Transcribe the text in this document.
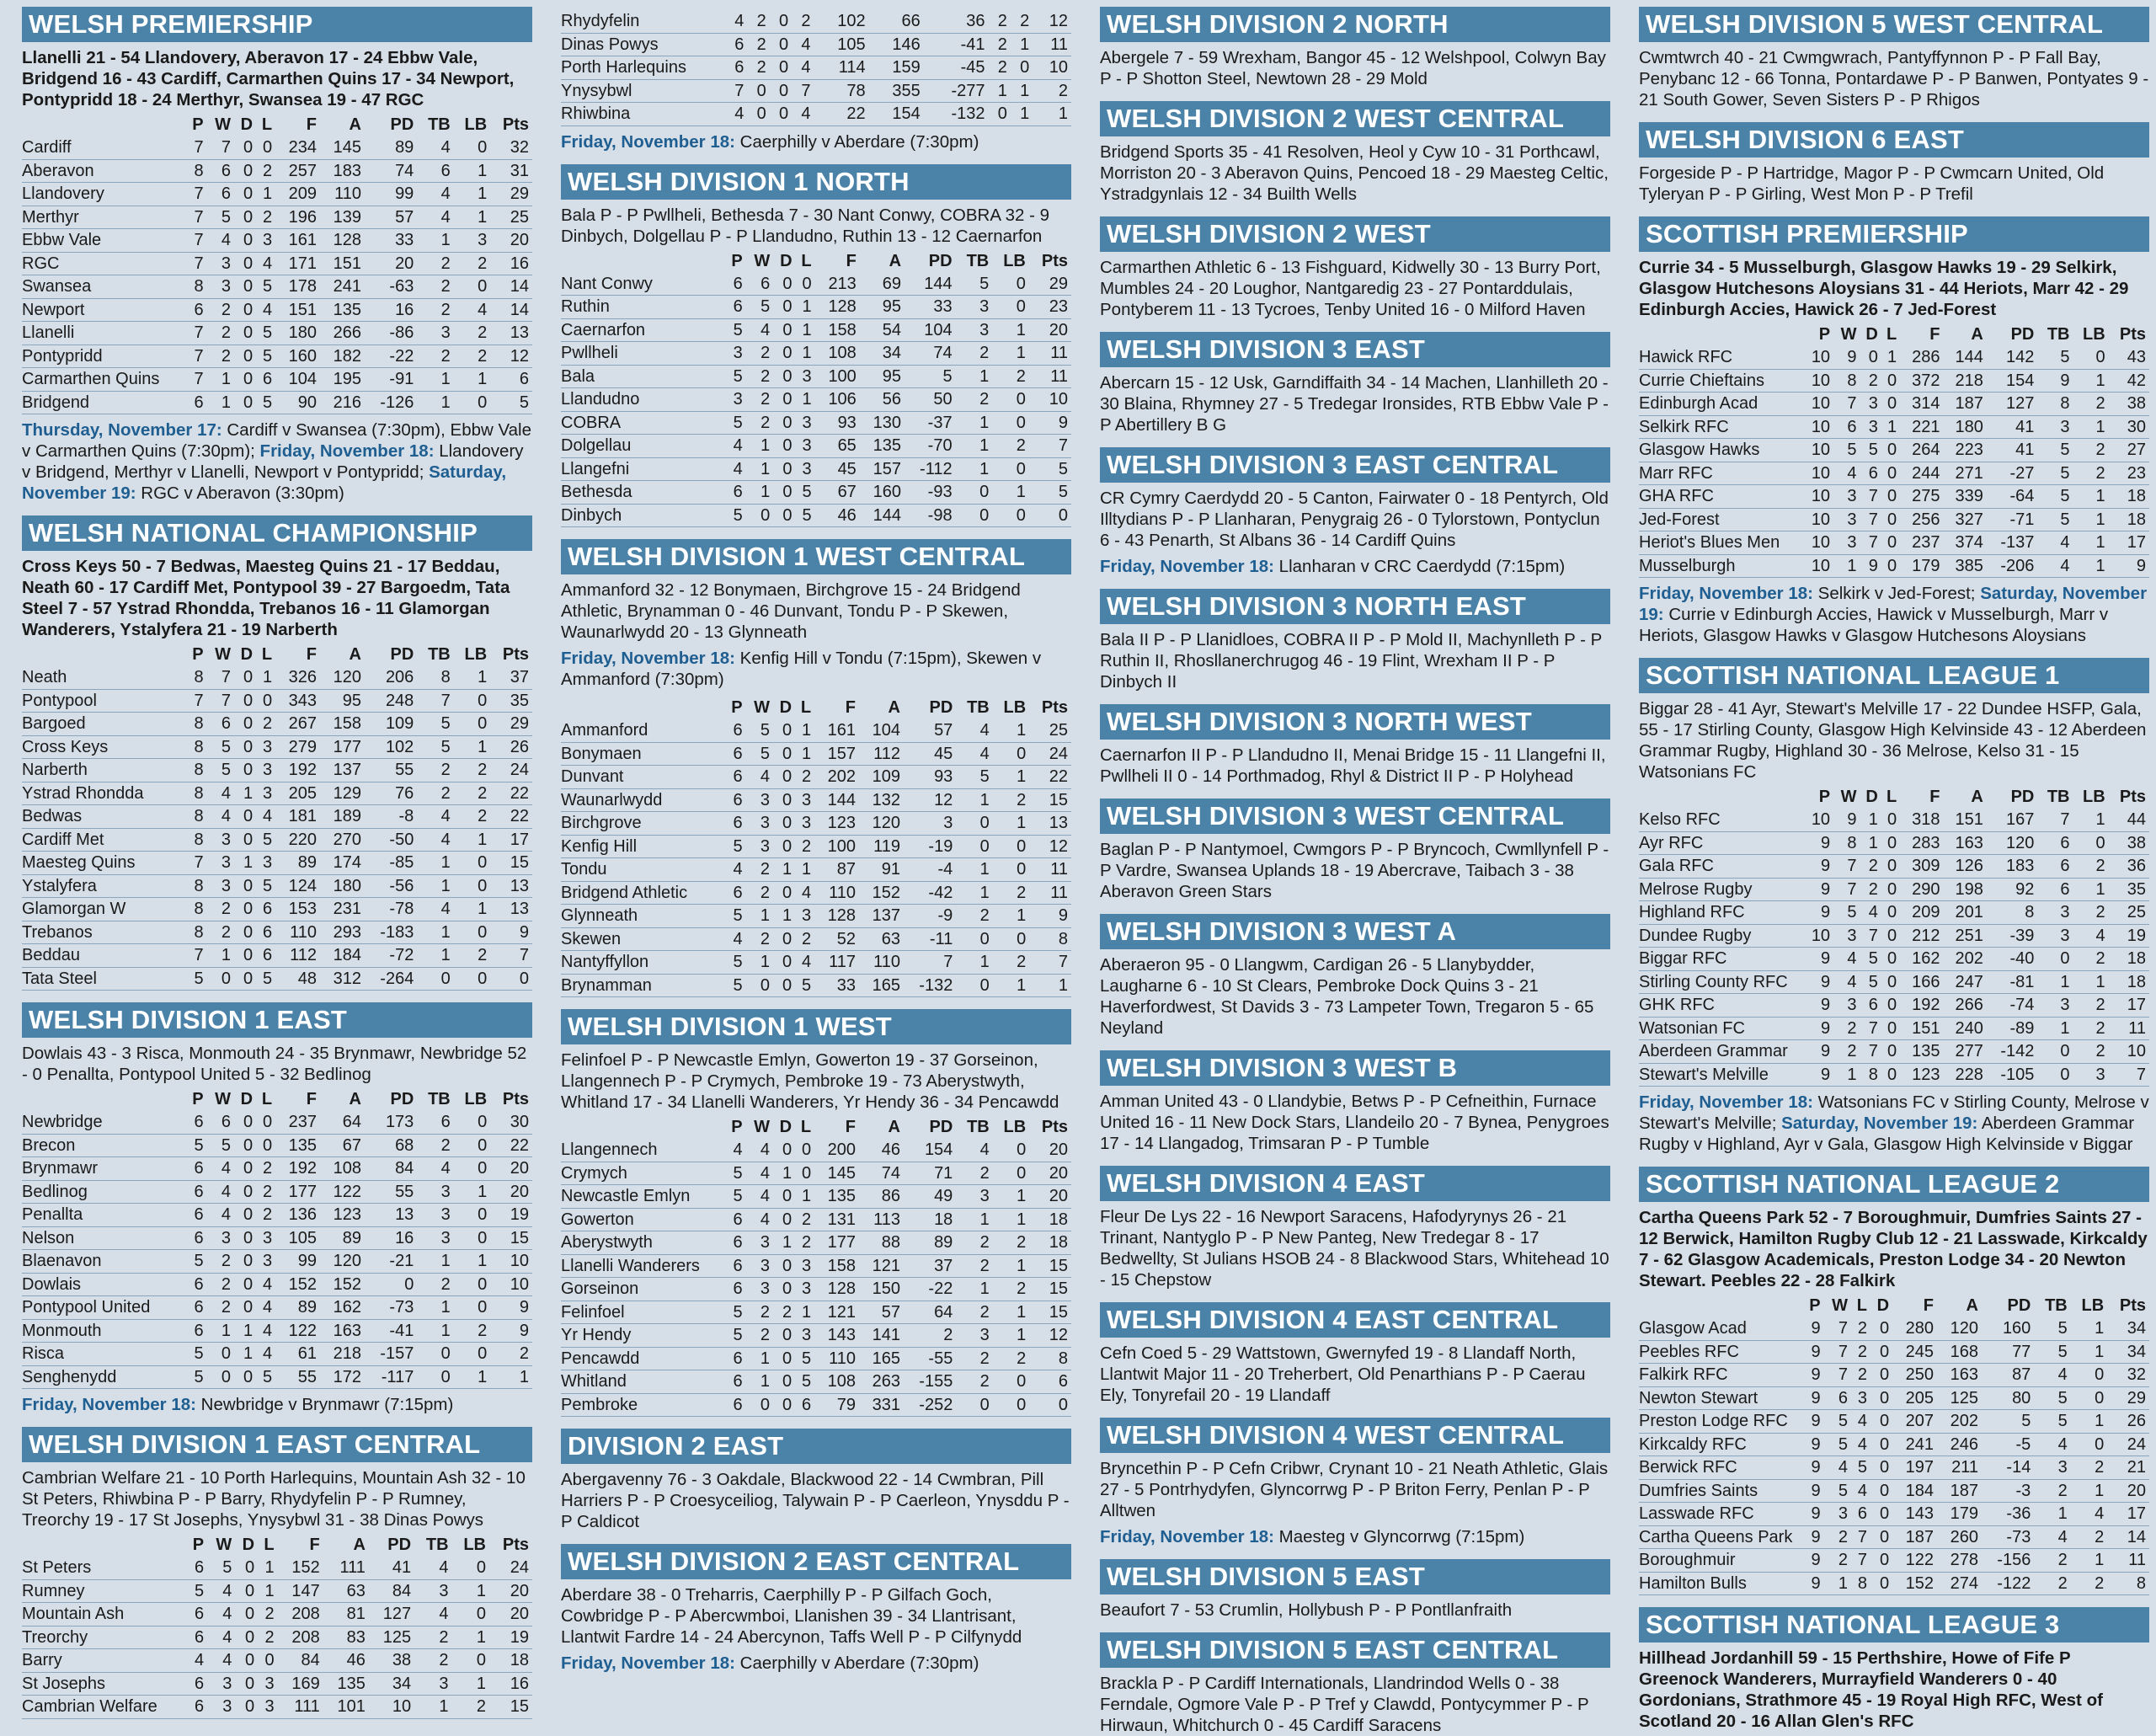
WELSH PREMIERSHIP
Llanelli 21 - 54 Llandovery, Aberavon 17 - 24 Ebbw Vale, Bridgend 16 - 43 Cardiff, Carmarthen Quins 17 - 34 Newport, Pontypridd 18 - 24 Merthyr, Swansea 19 - 47 RGC
	P	W	D	L	F	A	PD	TB	LB	Pts
Cardiff	7	7	0	0	234	145	89	4	0	32
Aberavon	8	6	0	2	257	183	74	6	1	31
Llandovery	7	6	0	1	209	110	99	4	1	29
Merthyr	7	5	0	2	196	139	57	4	1	25
Ebbw Vale	7	4	0	3	161	128	33	1	3	20
RGC	7	3	0	4	171	151	20	2	2	16
Swansea	8	3	0	5	178	241	-63	2	0	14
Newport	6	2	0	4	151	135	16	2	4	14
Llanelli	7	2	0	5	180	266	-86	3	2	13
Pontypridd	7	2	0	5	160	182	-22	2	2	12
Carmarthen Quins	7	1	0	6	104	195	-91	1	1	6
Bridgend	6	1	0	5	90	216	-126	1	0	5
Thursday, November 17: Cardiff v Swansea (7:30pm), Ebbw Vale v Carmarthen Quins (7:30pm); Friday, November 18: Llandovery v Bridgend, Merthyr v Llanelli, Newport v Pontypridd; Saturday, November 19: RGC v Aberavon (3:30pm)
WELSH NATIONAL CHAMPIONSHIP
Cross Keys 50 - 7 Bedwas, Maesteg Quins 21 - 17 Beddau, Neath 60 - 17 Cardiff Met, Pontypool 39 - 27 Bargoedm, Tata Steel 7 - 57 Ystrad Rhondda, Trebanos 16 - 11 Glamorgan Wanderers, Ystalyfera 21 - 19 Narberth
	P	W	D	L	F	A	PD	TB	LB	Pts
Neath	8	7	0	1	326	120	206	8	1	37
Pontypool	7	7	0	0	343	95	248	7	0	35
Bargoed	8	6	0	2	267	158	109	5	0	29
Cross Keys	8	5	0	3	279	177	102	5	1	26
Narberth	8	5	0	3	192	137	55	2	2	24
Ystrad Rhondda	8	4	1	3	205	129	76	2	2	22
Bedwas	8	4	0	4	181	189	-8	4	2	22
Cardiff Met	8	3	0	5	220	270	-50	4	1	17
Maesteg Quins	7	3	1	3	89	174	-85	1	0	15
Ystalyfera	8	3	0	5	124	180	-56	1	0	13
Glamorgan W	8	2	0	6	153	231	-78	4	1	13
Trebanos	8	2	0	6	110	293	-183	1	0	9
Beddau	7	1	0	6	112	184	-72	1	2	7
Tata Steel	5	0	0	5	48	312	-264	0	0	0
WELSH DIVISION 1 EAST
Dowlais 43 - 3 Risca, Monmouth 24 - 35 Brynmawr, Newbridge 52 - 0 Penallta, Pontypool United 5 - 32 Bedlinog
	P	W	D	L	F	A	PD	TB	LB	Pts
Newbridge	6	6	0	0	237	64	173	6	0	30
Brecon	5	5	0	0	135	67	68	2	0	22
Brynmawr	6	4	0	2	192	108	84	4	0	20
Bedlinog	6	4	0	2	177	122	55	3	1	20
Penallta	6	4	0	2	136	123	13	3	0	19
Nelson	6	3	0	3	105	89	16	3	0	15
Blaenavon	5	2	0	3	99	120	-21	1	1	10
Dowlais	6	2	0	4	152	152	0	2	0	10
Pontypool United	6	2	0	4	89	162	-73	1	0	9
Monmouth	6	1	1	4	122	163	-41	1	2	9
Risca	5	0	1	4	61	218	-157	0	0	2
Senghenydd	5	0	0	5	55	172	-117	0	1	1
Friday, November 18: Newbridge v Brynmawr (7:15pm)
WELSH DIVISION 1 EAST CENTRAL
Cambrian Welfare 21 - 10 Porth Harlequins, Mountain Ash 32 - 10 St Peters, Rhiwbina P - P Barry, Rhydyfelin P - P Rumney, Treorchy 19 - 17 St Josephs, Ynysybwl 31 - 38 Dinas Powys
	P	W	D	L	F	A	PD	TB	LB	Pts
St Peters	6	5	0	1	152	111	41	4	0	24
Rumney	5	4	0	1	147	63	84	3	1	20
Mountain Ash	6	4	0	2	208	81	127	4	0	20
Treorchy	6	4	0	2	208	83	125	2	1	19
Barry	4	4	0	0	84	46	38	2	0	18
St Josephs	6	3	0	3	169	135	34	3	1	16
Cambrian Welfare	6	3	0	3	111	101	10	1	2	15
Rhydyfelin	4	2	0	2	102	66	36	2	2	12
Dinas Powys	6	2	0	4	105	146	-41	2	1	11
Porth Harlequins	6	2	0	4	114	159	-45	2	0	10
Ynysybwl	7	0	0	7	78	355	-277	1	1	2
Rhiwbina	4	0	0	4	22	154	-132	0	1	1
Friday, November 18: Caerphilly v Aberdare (7:30pm)
WELSH DIVISION 1 NORTH
Bala P - P Pwllheli, Bethesda 7 - 30 Nant Conwy, COBRA 32 - 9 Dinbych, Dolgellau P - P Llandudno, Ruthin 13 - 12 Caernarfon
	P	W	D	L	F	A	PD	TB	LB	Pts
Nant Conwy	6	6	0	0	213	69	144	5	0	29
Ruthin	6	5	0	1	128	95	33	3	0	23
Caernarfon	5	4	0	1	158	54	104	3	1	20
Pwllheli	3	2	0	1	108	34	74	2	1	11
Bala	5	2	0	3	100	95	5	1	2	11
Llandudno	3	2	0	1	106	56	50	2	0	10
COBRA	5	2	0	3	93	130	-37	1	0	9
Dolgellau	4	1	0	3	65	135	-70	1	2	7
Llangefni	4	1	0	3	45	157	-112	1	0	5
Bethesda	6	1	0	5	67	160	-93	0	1	5
Dinbych	5	0	0	5	46	144	-98	0	0	0
WELSH DIVISION 1 WEST CENTRAL
Ammanford 32 - 12 Bonymaen, Birchgrove 15 - 24 Bridgend Athletic, Brynamman 0 - 46 Dunvant, Tondu P - P Skewen, Waunarlwydd 20 - 13 Glynneath
Friday, November 18: Kenfig Hill v Tondu (7:15pm), Skewen v Ammanford (7:30pm)
	P	W	D	L	F	A	PD	TB	LB	Pts
Ammanford	6	5	0	1	161	104	57	4	1	25
Bonymaen	6	5	0	1	157	112	45	4	0	24
Dunvant	6	4	0	2	202	109	93	5	1	22
Waunarlwydd	6	3	0	3	144	132	12	1	2	15
Birchgrove	6	3	0	3	123	120	3	0	1	13
Kenfig Hill	5	3	0	2	100	119	-19	0	0	12
Tondu	4	2	1	1	87	91	-4	1	0	11
Bridgend Athletic	6	2	0	4	110	152	-42	1	2	11
Glynneath	5	1	1	3	128	137	-9	2	1	9
Skewen	4	2	0	2	52	63	-11	0	0	8
Nantyffyllon	5	1	0	4	117	110	7	1	2	7
Brynamman	5	0	0	5	33	165	-132	0	1	1
WELSH DIVISION 1 WEST
Felinfoel P - P Newcastle Emlyn, Gowerton 19 - 37 Gorseinon, Llangennech P - P Crymych, Pembroke 19 - 73 Aberystwyth, Whitland 17 - 34 Llanelli Wanderers, Yr Hendy 36 - 34 Pencawdd
	P	W	D	L	F	A	PD	TB	LB	Pts
Llangennech	4	4	0	0	200	46	154	4	0	20
Crymych	5	4	1	0	145	74	71	2	0	20
Newcastle Emlyn	5	4	0	1	135	86	49	3	1	20
Gowerton	6	4	0	2	131	113	18	1	1	18
Aberystwyth	6	3	1	2	177	88	89	2	2	18
Llanelli Wanderers	6	3	0	3	158	121	37	2	1	15
Gorseinon	6	3	0	3	128	150	-22	1	2	15
Felinfoel	5	2	2	1	121	57	64	2	1	15
Yr Hendy	5	2	0	3	143	141	2	3	1	12
Pencawdd	6	1	0	5	110	165	-55	2	2	8
Whitland	6	1	0	5	108	263	-155	2	0	6
Pembroke	6	0	0	6	79	331	-252	0	0	0
DIVISION 2 EAST
Abergavenny 76 - 3 Oakdale, Blackwood 22 - 14 Cwmbran, Pill Harriers P - P Croesyceiliog, Talywain P - P Caerleon, Ynysddu P - P Caldicot
WELSH DIVISION 2 EAST CENTRAL
Aberdare 38 - 0 Treharris, Caerphilly P - P Gilfach Goch, Cowbridge P - P Abercwmboi, Llanishen 39 - 34 Llantrisant, Llantwit Fardre 14 - 24 Abercynon, Taffs Well P - P Cilfynydd
Friday, November 18: Caerphilly v Aberdare (7:30pm)
WELSH DIVISION 2 NORTH
Abergele 7 - 59 Wrexham, Bangor 45 - 12 Welshpool, Colwyn Bay P - P Shotton Steel, Newtown 28 - 29 Mold
WELSH DIVISION 2 WEST CENTRAL
Bridgend Sports 35 - 41 Resolven, Heol y Cyw 10 - 31 Porthcawl, Morriston 20 - 3 Aberavon Quins, Pencoed 18 - 29 Maesteg Celtic, Ystradgynlais 12 - 34 Builth Wells
WELSH DIVISION 2 WEST
Carmarthen Athletic 6 - 13 Fishguard, Kidwelly 30 - 13 Burry Port, Mumbles 24 - 20 Loughor, Nantgaredig 23 - 27 Pontarddulais, Pontyberem 11 - 13 Tycroes, Tenby United 16 - 0 Milford Haven
WELSH DIVISION 3 EAST
Abercarn 15 - 12 Usk, Garndiffaith 34 - 14 Machen, Llanhilleth 20 - 30 Blaina, Rhymney 27 - 5 Tredegar Ironsides, RTB Ebbw Vale P - P Abertillery B G
WELSH DIVISION 3 EAST CENTRAL
CR Cymry Caerdydd 20 - 5 Canton, Fairwater 0 - 18 Pentyrch, Old Illtydians P - P Llanharan, Penygraig 26 - 0 Tylorstown, Pontyclun 6 - 43 Penarth, St Albans 36 - 14 Cardiff Quins
Friday, November 18: Llanharan v CRC Caerdydd (7:15pm)
WELSH DIVISION 3 NORTH EAST
Bala II P - P Llanidloes, COBRA II P - P Mold II, Machynlleth P - P Ruthin II, Rhosllanerchrugog 46 - 19 Flint, Wrexham II P - P Dinbych II
WELSH DIVISION 3 NORTH WEST
Caernarfon II P - P Llandudno II, Menai Bridge 15 - 11 Llangefni II, Pwllheli II 0 - 14 Porthmadog, Rhyl & District II P - P Holyhead
WELSH DIVISION 3 WEST CENTRAL
Baglan P - P Nantymoel, Cwmgors P - P Bryncoch, Cwmllynfell P - P Vardre, Swansea Uplands 18 - 19 Abercrave, Taibach 3 - 38 Aberavon Green Stars
WELSH DIVISION 3 WEST A
Aberaeron 95 - 0 Llangwm, Cardigan 26 - 5 Llanybydder, Laugharne 6 - 10 St Clears, Pembroke Dock Quins 3 - 21 Haverfordwest, St Davids 3 - 73 Lampeter Town, Tregaron 5 - 65 Neyland
WELSH DIVISION 3 WEST B
Amman United 43 - 0 Llandybie, Betws P - P Cefneithin, Furnace United 16 - 11 New Dock Stars, Llandeilo 20 - 7 Bynea, Penygroes 17 - 14 Llangadog, Trimsaran P - P Tumble
WELSH DIVISION 4 EAST
Fleur De Lys 22 - 16 Newport Saracens, Hafodyrynys 26 - 21 Trinant, Nantyglo P - P New Panteg, New Tredegar 8 - 17 Bedwellty, St Julians HSOB 24 - 8 Blackwood Stars, Whitehead 10 - 15 Chepstow
WELSH DIVISION 4 EAST CENTRAL
Cefn Coed 5 - 29 Wattstown, Gwernyfed 19 - 8 Llandaff North, Llantwit Major 11 - 20 Treherbert, Old Penarthians P - P Caerau Ely, Tonyrefail 20 - 19 Llandaff
WELSH DIVISION 4 WEST CENTRAL
Bryncethin P - P Cefn Cribwr, Crynant 10 - 21 Neath Athletic, Glais 27 - 5 Pontrhydyfen, Glyncorrwg P - P Briton Ferry, Penlan P - P Alltwen
Friday, November 18: Maesteg v Glyncorrwg (7:15pm)
WELSH DIVISION 5 EAST
Beaufort 7 - 53 Crumlin, Hollybush P - P Pontllanfraith
WELSH DIVISION 5 EAST CENTRAL
Brackla P - P Cardiff Internationals, Llandrindod Wells 0 - 38 Ferndale, Ogmore Vale P - P Tref y Clawdd, Pontycymmer P - P Hirwaun, Whitchurch 0 - 45 Cardiff Saracens
WELSH DIVISION 5 WEST CENTRAL
Cwmtwrch 40 - 21 Cwmgwrach, Pantyffynnon P - P Fall Bay, Penybanc 12 - 66 Tonna, Pontardawe P - P Banwen, Pontyates 9 - 21 South Gower, Seven Sisters P - P Rhigos
WELSH DIVISION 6 EAST
Forgeside P - P Hartridge, Magor P - P Cwmcarn United, Old Tyleryan P - P Girling, West Mon P - P Trefil
SCOTTISH PREMIERSHIP
Currie 34 - 5 Musselburgh, Glasgow Hawks 19 - 29 Selkirk, Glasgow Hutchesons Aloysians 31 - 44 Heriots, Marr 42 - 29 Edinburgh Accies, Hawick 26 - 7 Jed-Forest
	P	W	D	L	F	A	PD	TB	LB	Pts
Hawick RFC	10	9	0	1	286	144	142	5	0	43
Currie Chieftains	10	8	2	0	372	218	154	9	1	42
Edinburgh Acad	10	7	3	0	314	187	127	8	2	38
Selkirk RFC	10	6	3	1	221	180	41	3	1	30
Glasgow Hawks	10	5	5	0	264	223	41	5	2	27
Marr RFC	10	4	6	0	244	271	-27	5	2	23
GHA RFC	10	3	7	0	275	339	-64	5	1	18
Jed-Forest	10	3	7	0	256	327	-71	5	1	18
Heriot's Blues Men	10	3	7	0	237	374	-137	4	1	17
Musselburgh	10	1	9	0	179	385	-206	4	1	9
Friday, November 18: Selkirk v Jed-Forest; Saturday, November 19: Currie v Edinburgh Accies, Hawick v Musselburgh, Marr v Heriots, Glasgow Hawks v Glasgow Hutchesons Aloysians
SCOTTISH NATIONAL LEAGUE 1
Biggar 28 - 41 Ayr, Stewart's Melville 17 - 22 Dundee HSFP, Gala, 55 - 17 Stirling County, Glasgow High Kelvinside 43 - 12 Aberdeen Grammar Rugby, Highland 30 - 36 Melrose, Kelso 31 - 15 Watsonians FC
	P	W	D	L	F	A	PD	TB	LB	Pts
Kelso RFC	10	9	1	0	318	151	167	7	1	44
Ayr RFC	9	8	1	0	283	163	120	6	0	38
Gala RFC	9	7	2	0	309	126	183	6	2	36
Melrose Rugby	9	7	2	0	290	198	92	6	1	35
Highland RFC	9	5	4	0	209	201	8	3	2	25
Dundee Rugby	10	3	7	0	212	251	-39	3	4	19
Biggar RFC	9	4	5	0	162	202	-40	0	2	18
Stirling County RFC	9	4	5	0	166	247	-81	1	1	18
GHK RFC	9	3	6	0	192	266	-74	3	2	17
Watsonian FC	9	2	7	0	151	240	-89	1	2	11
Aberdeen Grammar	9	2	7	0	135	277	-142	0	2	10
Stewart's Melville	9	1	8	0	123	228	-105	0	3	7
Friday, November 18: Watsonians FC v Stirling County, Melrose v Stewart's Melville; Saturday, November 19: Aberdeen Grammar Rugby v Highland, Ayr v Gala, Glasgow High Kelvinside v Biggar
SCOTTISH NATIONAL LEAGUE 2
Cartha Queens Park 52 - 7 Boroughmuir, Dumfries Saints 27 - 12 Berwick, Hamilton Rugby Club 12 - 21 Lasswade, Kirkcaldy 7 - 62 Glasgow Academicals, Preston Lodge 34 - 20 Newton Stewart. Peebles 22 - 28 Falkirk
	P	W	L	D	F	A	PD	TB	LB	Pts
Glasgow Acad	9	7	2	0	280	120	160	5	1	34
Peebles RFC	9	7	2	0	245	168	77	5	1	34
Falkirk RFC	9	7	2	0	250	163	87	4	0	32
Newton Stewart	9	6	3	0	205	125	80	5	0	29
Preston Lodge RFC	9	5	4	0	207	202	5	5	1	26
Kirkcaldy RFC	9	5	4	0	241	246	-5	4	0	24
Berwick RFC	9	4	5	0	197	211	-14	3	2	21
Dumfries Saints	9	5	4	0	184	187	-3	2	1	20
Lasswade RFC	9	3	6	0	143	179	-36	1	4	17
Cartha Queens Park	9	2	7	0	187	260	-73	4	2	14
Boroughmuir	9	2	7	0	122	278	-156	2	1	11
Hamilton Bulls	9	1	8	0	152	274	-122	2	2	8
SCOTTISH NATIONAL LEAGUE 3
Hillhead Jordanhill 59 - 15 Perthshire, Howe of Fife P Greenock Wanderers, Murrayfield Wanderers 0 - 40 Gordonians, Strathmore 45 - 19 Royal High RFC, West of Scotland 20 - 16 Allan Glen's RFC
